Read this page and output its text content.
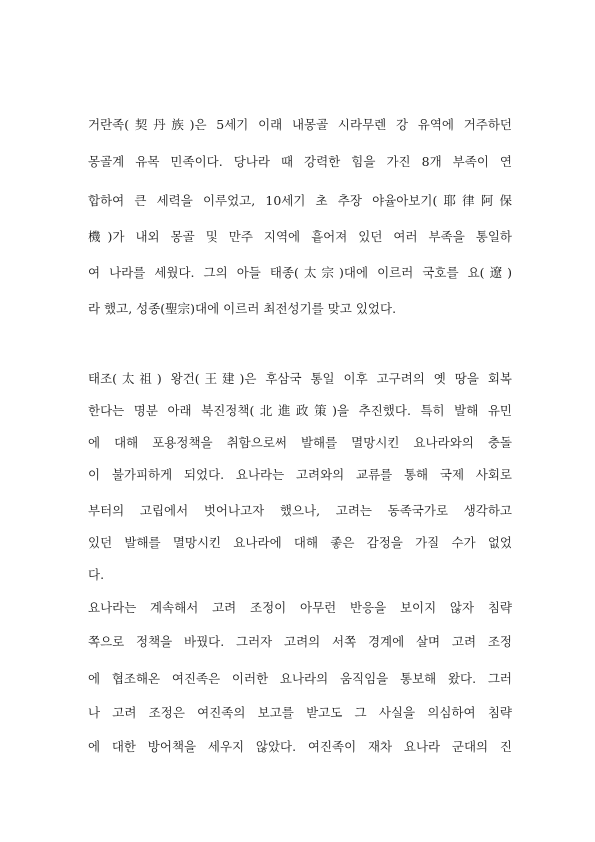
거란족(契丹族)은 5세기 이래 내몽골 시라무렌 강 유역에 거주하던
몽골계 유목 민족이다. 당나라 때 강력한 힘을 가진 8개 부족이 연
합하여 큰 세력을 이루었고, 10세기 초 추장 야율아보기(耶律阿保
機)가 내외 몽골 및 만주 지역에 흩어져 있던 여러 부족을 통일하
여 나라를 세웠다. 그의 아들 태종(太宗)대에 이르러 국호를 요(遼)
라 했고, 성종(聖宗)대에 이르러 최전성기를 맞고 있었다.
태조(太祖) 왕건(王建)은 후삼국 통일 이후 고구려의 옛 땅을 회복
한다는 명분 아래 북진정책(北進政策)을 추진했다. 특히 발해 유민
에 대해 포용정책을 취함으로써 발해를 멸망시킨 요나라와의 충돌
이 불가피하게 되었다. 요나라는 고려와의 교류를 통해 국제 사회로
부터의 고립에서 벗어나고자 했으나, 고려는 동족국가로 생각하고
있던 발해를 멸망시킨 요나라에 대해 좋은 감정을 가질 수가 없었
다.
요나라는 계속해서 고려 조정이 아무런 반응을 보이지 않자 침략
쪽으로 정책을 바꿨다. 그러자 고려의 서쪽 경계에 살며 고려 조정
에 협조해온 여진족은 이러한 요나라의 움직임을 통보해 왔다. 그러
나 고려 조정은 여진족의 보고를 받고도 그 사실을 의심하여 침략
에 대한 방어책을 세우지 않았다. 여진족이 재차 요나라 군대의 진
